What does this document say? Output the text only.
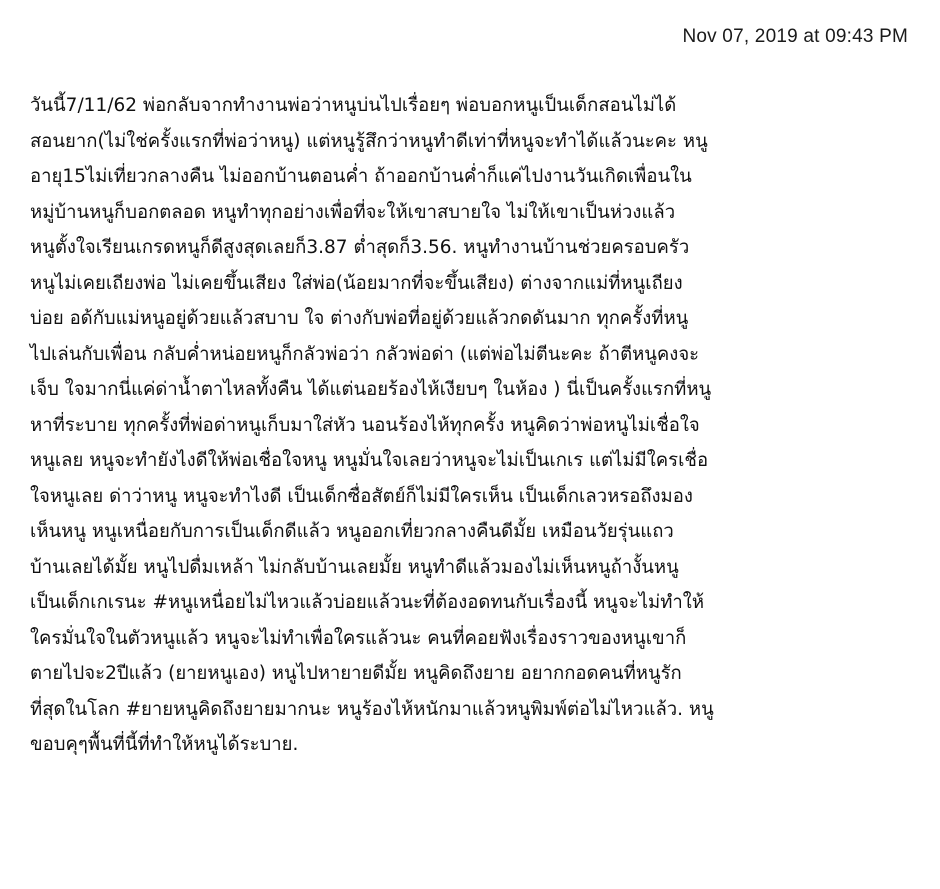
Nov 07, 2019 at 09:43 PM

วันนี้7/11/62 พ่อกลับจากทำงานพ่อว่าหนูบ่นไปเรื่อยๆ พ่อบอกหนูเป็นเด็กสอนไม่ได้
สอนยาก(ไม่ใช่ครั้งแรกที่พ่อว่าหนู) แต่หนูรู้สึกว่าหนูทำดีเท่าที่หนูจะทำได้แล้วนะคะ หนู
อายุ15ไม่เที่ยวกลางคืน ไม่ออกบ้านตอนค่ำ ถ้าออกบ้านค่ำก็แค่ไปงานวันเกิดเพื่อนใน
หมู่บ้านหนูก็บอกตลอด หนูทำทุกอย่างเพื่อที่จะให้เขาสบายใจ ไม่ให้เขาเป็นห่วงแล้ว
หนูตั้งใจเรียนเกรดหนูก็ดีสูงสุดเลยก็3.87 ต่ำสุดก็3.56. หนูทำงานบ้านช่วยครอบครัว
หนูไม่เคยเถียงพ่อ ไม่เคยขึ้นเสียง ใส่พ่อ(น้อยมากที่จะขึ้นเสียง) ต่างจากแม่ที่หนูเถียง
บ่อย อด้กับแม่หนูอยู่ด้วยแล้วสบาบ ใจ ต่างกับพ่อที่อยู่ด้วยแล้วกดดันมาก ทุกครั้งที่หนู
ไปเล่นกับเพื่อน กลับค่ำหน่อยหนูก็กลัวพ่อว่า กลัวพ่อด่า (แต่พ่อไม่ตีนะคะ ถ้าตีหนูคงจะ
เจ็บ ใจมากนี่แค่ด่าน้ำตาไหลทั้งคืน ได้แต่นอยร้องไห้เงียบๆ ในห้อง ) นี่เป็นครั้งแรกที่หนู
หาที่ระบาย ทุกครั้งที่พ่อด่าหนูเก็บมาใส่หัว นอนร้องไห้ทุกครั้ง หนูคิดว่าพ่อหนูไม่เชื่อใจ
หนูเลย หนูจะทำยังไงดีให้พ่อเชื่อใจหนู หนูมั่นใจเลยว่าหนูจะไม่เป็นเกเร แต่ไม่มีใครเชื่อ
ใจหนูเลย ด่าว่าหนู หนูจะทำไงดี เป็นเด็กซื่อสัตย์ก็ไม่มีใครเห็น เป็นเด็กเลวหรอถึงมอง
เห็นหนู หนูเหนื่อยกับการเป็นเด็กดีแล้ว หนูออกเที่ยวกลางคืนดีมั้ย เหมือนวัยรุ่นแถว
บ้านเลยได้มั้ย หนูไปดื่มเหล้า ไม่กลับบ้านเลยมั้ย หนูทำดีแล้วมองไม่เห็นหนูถ้างั้นหนู
เป็นเด็กเกเรนะ #หนูเหนื่อยไม่ไหวแล้วบ่อยแล้วนะที่ต้องอดทนกับเรื่องนี้ หนูจะไม่ทำให้
ใครมั่นใจในตัวหนูแล้ว หนูจะไม่ทำเพื่อใครแล้วนะ คนที่คอยฟังเรื่องราวของหนูเขาก็
ตายไปจะ2ปีแล้ว (ยายหนูเอง) หนูไปหายายดีมั้ย หนูคิดถึงยาย อยากกอดคนที่หนูรัก
ที่สุดในโลก #ยายหนูคิดถึงยายมากนะ หนูร้องไห้หนักมาแล้วหนูพิมพ์ต่อไม่ไหวแล้ว. หนู
ขอบคุๆพื้นที่นี้ที่ทำให้หนูได้ระบาย.
